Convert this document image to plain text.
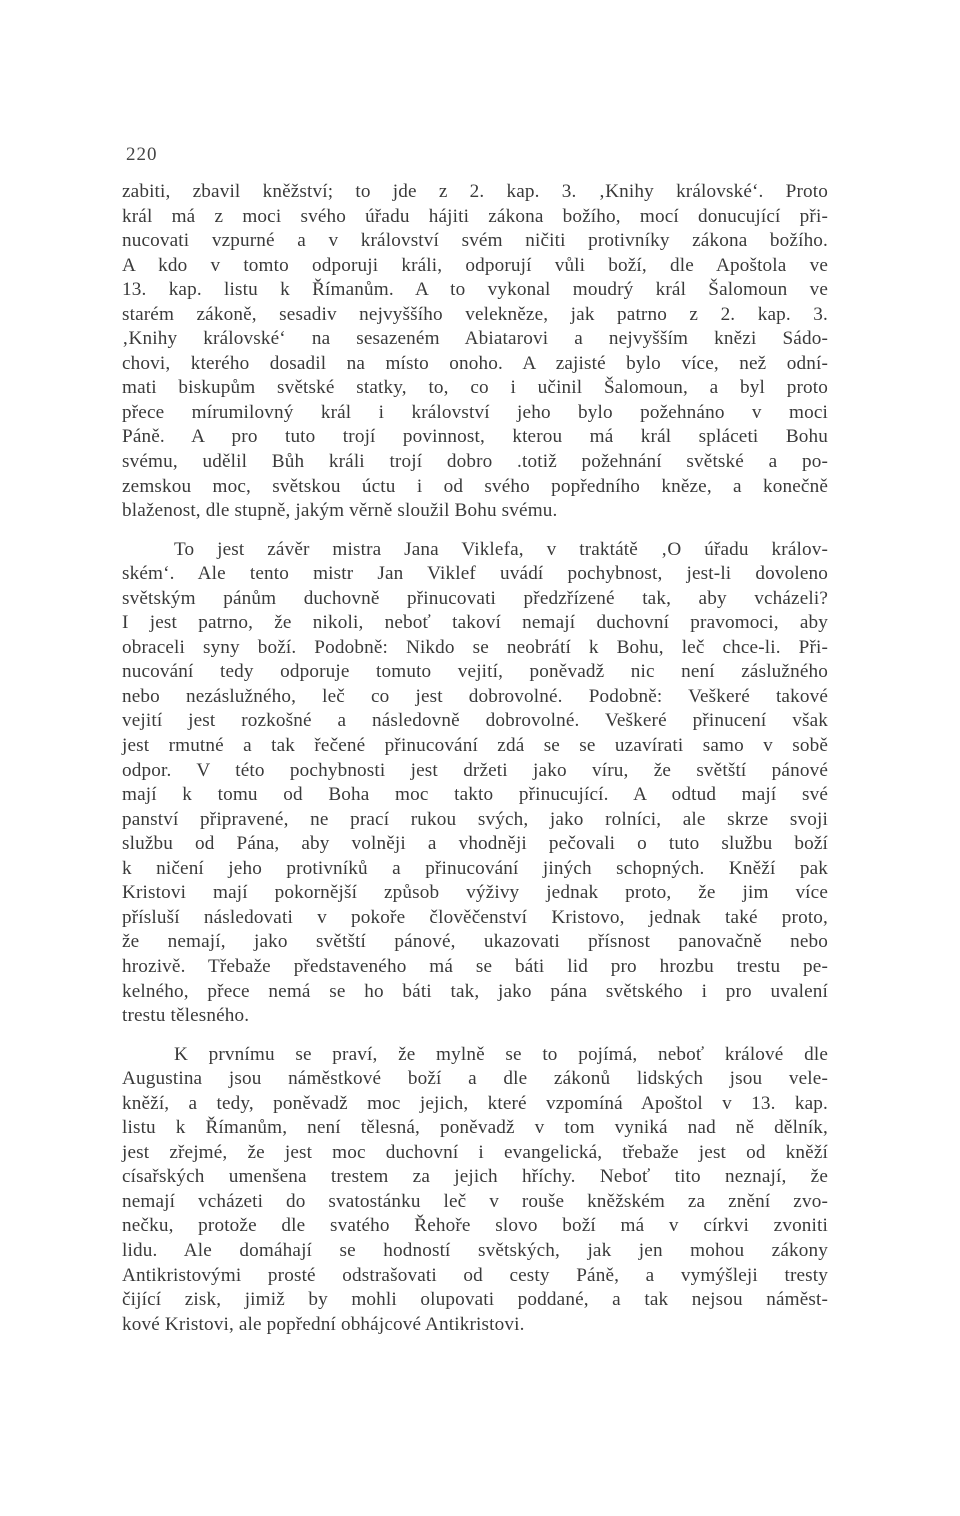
220
zabiti, zbavil kněžství; to jde z 2. kap. 3. ‚Knihy královské‘. Proto
král má z moci svého úřadu hájiti zákona božího, mocí donucující při-
nucovati vzpurné a v království svém ničiti protivníky zákona božího.
A kdo v tomto odporuji králi, odporují vůli boží, dle Apoštola ve
13. kap. listu k Římanům. A to vykonal moudrý král Šalomoun ve
starém zákoně, sesadiv nejvyššího velekněze, jak patrno z 2. kap. 3.
‚Knihy královské‘ na sesazeném Abiatarovi a nejvyšším knězi Sádo-
chovi, kterého dosadil na místo onoho. A zajisté bylo více, než odní-
mati biskupům světské statky, to, co i učinil Šalomoun, a byl proto
přece mírumilovný král i království jeho bylo požehnáno v moci
Páně. A pro tuto trojí povinnost, kterou má král spláceti Bohu
svému, udělil Bůh králi trojí dobro .totiž požehnání světské a po-
zemskou moc, světskou úctu i od svého popředního kněze, a konečně
blaženost, dle stupně, jakým věrně sloužil Bohu svému.
To jest závěr mistra Jana Viklefa, v traktátě ‚O úřadu králov-
ském‘. Ale tento mistr Jan Viklef uvádí pochybnost, jest-li dovoleno
světským pánům duchovně přinucovati předzřízené tak, aby vcházeli?
I jest patrno, že nikoli, neboť takoví nemají duchovní pravomoci, aby
obraceli syny boží. Podobně: Nikdo se neobrátí k Bohu, leč chce-li. Při-
nucování tedy odporuje tomuto vejití, poněvadž nic není záslužného
nebo nezáslužného, leč co jest dobrovolné. Podobně: Veškeré takové
vejití jest rozkošné a následovně dobrovolné. Veškeré přinucení však
jest rmutné a tak řečené přinucování zdá se se uzavírati samo v sobě
odpor. V této pochybnosti jest držeti jako víru, že světští pánové
mají k tomu od Boha moc takto přinucující. A odtud mají své
panství připravené, ne prací rukou svých, jako rolníci, ale skrze svoji
službu od Pána, aby volněji a vhodněji pečovali o tuto službu boží
k ničení jeho protivníků a přinucování jiných schopných. Kněží pak
Kristovi mají pokornější způsob výživy jednak proto, že jim více
přísluší následovati v pokoře člověčenství Kristovo, jednak také proto,
že nemají, jako světští pánové, ukazovati přísnost panovačně nebo
hrozivě. Třebaže představeného má se báti lid pro hrozbu trestu pe-
kelného, přece nemá se ho báti tak, jako pána světského i pro uvalení
trestu tělesného.
K prvnímu se praví, že mylně se to pojímá, neboť králové dle
Augustina jsou náměstkové boží a dle zákonů lidských jsou vele-
kněží, a tedy, poněvadž moc jejich, které vzpomíná Apoštol v 13. kap.
listu k Římanům, není tělesná, poněvadž v tom vyniká nad ně dělník,
jest zřejmé, že jest moc duchovní i evangelická, třebaže jest od kněží
císařských umenšena trestem za jejich hříchy. Neboť tito neznají, že
nemají vcházeti do svatostánku leč v rouše kněžském za znění zvo-
nečku, protože dle svatého Řehoře slovo boží má v církvi zvoniti
lidu. Ale domáhají se hodností světských, jak jen mohou zákony
Antikristovými prosté odstrašovati od cesty Páně, a vymýšleji tresty
čijící zisk, jimiž by mohli olupovati poddané, a tak nejsou náměst-
kové Kristovi, ale popřední obhájcové Antikristovi.
